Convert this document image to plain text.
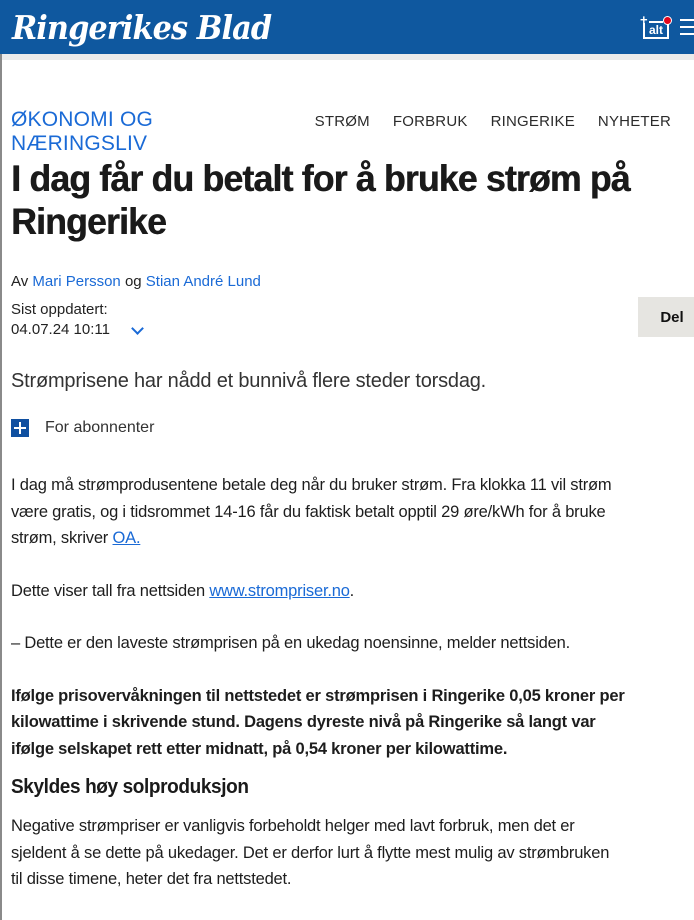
Ringerikes Blad	+
alt
ØKONOMI OG NÆRINGSLIV
STRØM FORBRUK RINGERIKE NYHETER
I dag får du betalt for å bruke strøm på Ringerike
Av Mari Persson og Stian André Lund
Sist oppdatert:
04.07.24 10:11
Del

Strømprisene har nådd et bunnivå flere steder torsdag.

For abonnenter

I dag må strømprodusentene betale deg når du bruker strøm. Fra klokka 11 vil strøm
være gratis, og i tidsrommet 14-16 får du faktisk betalt opptil 29 øre/kWh for å bruke
strøm, skriver OA.

Dette viser tall fra nettsiden www.strompriser.no.

– Dette er den laveste strømprisen på en ukedag noensinne, melder nettsiden.

Ifølge prisovervåkningen til nettstedet er strømprisen i Ringerike 0,05 kroner per
kilowattime i skrivende stund. Dagens dyreste nivå på Ringerike så langt var
ifølge selskapet rett etter midnatt, på 0,54 kroner per kilowattime.

Skyldes høy solproduksjon

Negative strømpriser er vanligvis forbeholdt helger med lavt forbruk, men det er
sjeldent å se dette på ukedager. Det er derfor lurt å flytte mest mulig av strømbruken
til disse timene, heter det fra nettstedet.
